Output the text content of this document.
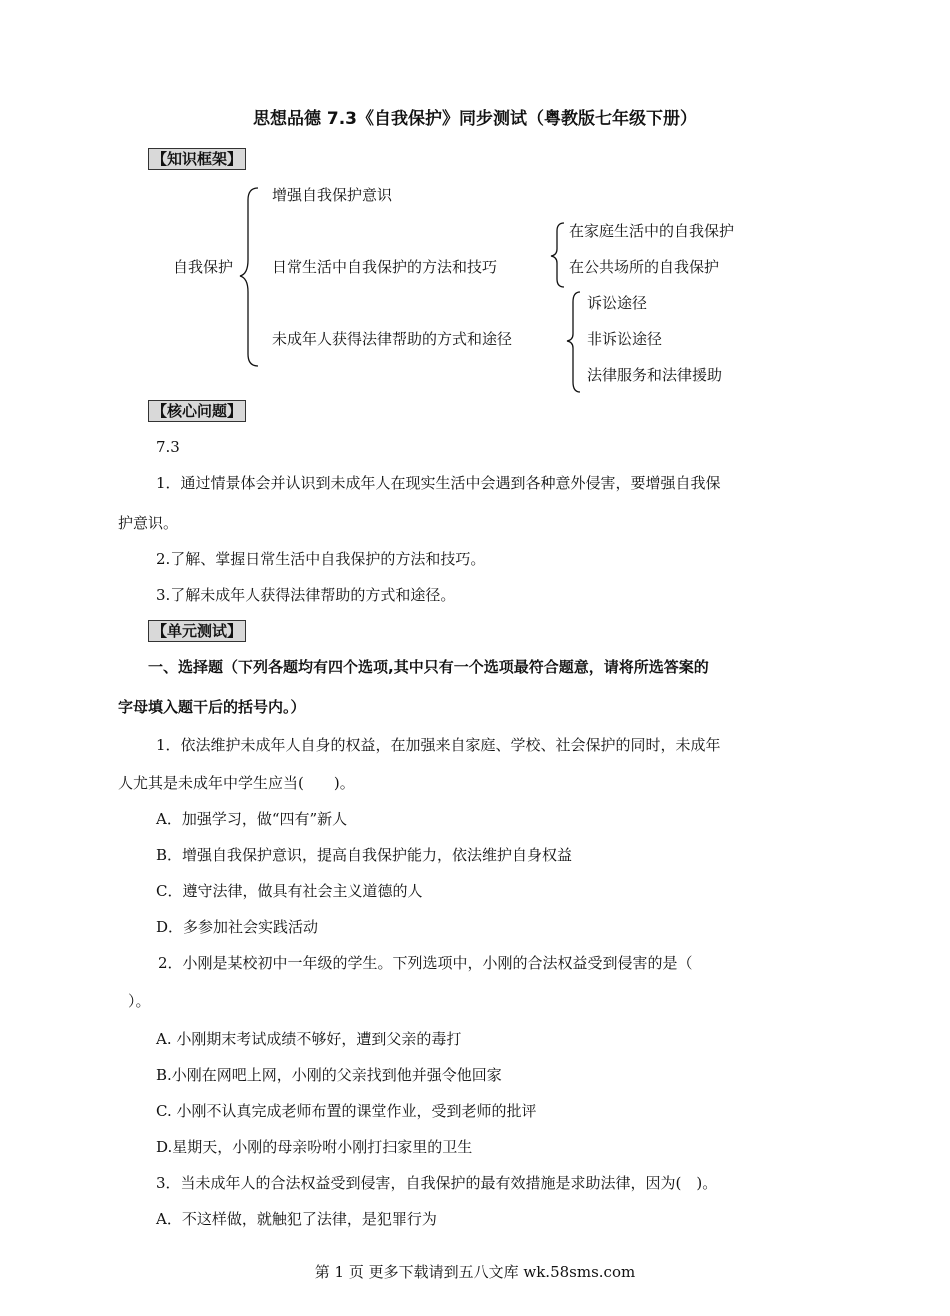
思想品德 7.3《自我保护》同步测试（粤教版七年级下册）
【知识框架】
自我保护
增强自我保护意识
日常生活中自我保护的方法和技巧
未成年人获得法律帮助的方式和途径
在家庭生活中的自我保护
在公共场所的自我保护
诉讼途径
非诉讼途径
法律服务和法律援助
【核心问题】
7.3
1．通过情景体会并认识到未成年人在现实生活中会遇到各种意外侵害，要增强自我保
护意识。
2.了解、掌握日常生活中自我保护的方法和技巧。
3.了解未成年人获得法律帮助的方式和途径。
【单元测试】
一、选择题（下列各题均有四个选项,其中只有一个选项最符合题意，请将所选答案的
字母填入题干后的括号内。）
1．依法维护未成年人自身的权益，在加强来自家庭、学校、社会保护的同时，未成年
人尤其是未成年中学生应当(　　)。
A．加强学习，做“四有”新人
B．增强自我保护意识，提高自我保护能力，依法维护自身权益
C．遵守法律，做具有社会主义道德的人
D．多参加社会实践活动
2．小刚是某校初中一年级的学生。下列选项中，小刚的合法权益受到侵害的是（
）。
A. 小刚期末考试成绩不够好，遭到父亲的毒打
B.小刚在网吧上网，小刚的父亲找到他并强令他回家
C. 小刚不认真完成老师布置的课堂作业，受到老师的批评
D.星期天，小刚的母亲吩咐小刚打扫家里的卫生
3．当未成年人的合法权益受到侵害，自我保护的最有效措施是求助法律，因为(　)。
A．不这样做，就触犯了法律，是犯罪行为
第 1 页 更多下载请到五八文库 wk.58sms.com
